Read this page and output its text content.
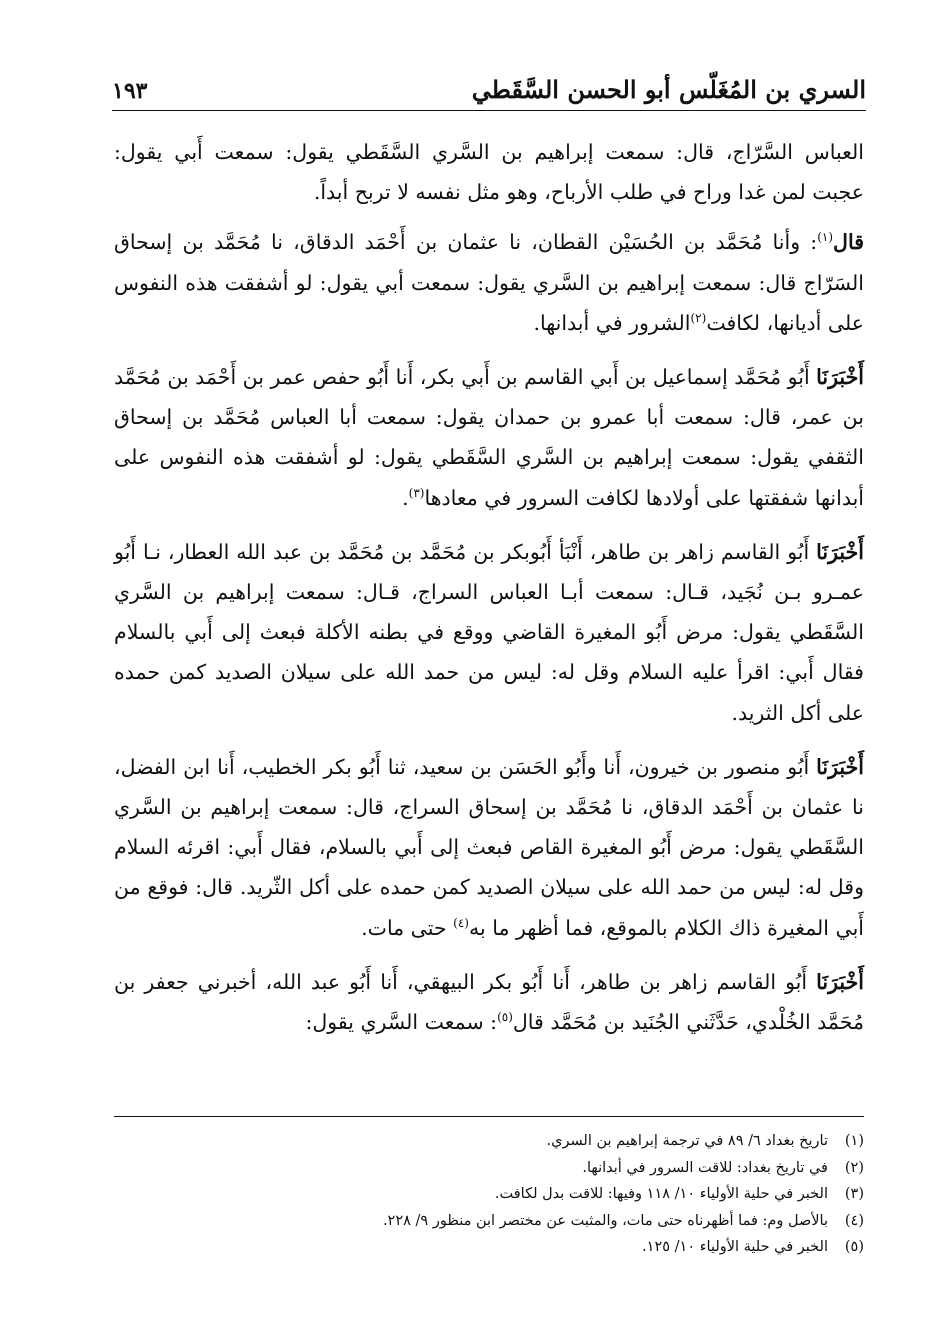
السري بن المُغَلّس أبو الحسن السَّقَطي
١٩٣

العباس السَّرّاج، قال: سمعت إبراهيم بن السَّري السَّقَطي يقول: سمعت أَبي يقول: عجبت لمن غدا وراح في طلب الأرباح، وهو مثل نفسه لا تربح أبداً.

قال$^{(١)}$: وأنا مُحَمَّد بن الحُسَيْن القطان، نا عثمان بن أَحْمَد الدقاق، نا مُحَمَّد بن إسحاق السَرّاج قال: سمعت إبراهيم بن السَّري يقول: سمعت أبي يقول: لو أشفقت هذه النفوس على أديانها، لكافت$^{(٢)}$الشرور في أبدانها.

أَخْبَرَنَا أَبُو مُحَمَّد إسماعيل بن أَبي القاسم بن أَبي بكر، أَنا أَبُو حفص عمر بن أَحْمَد بن مُحَمَّد بن عمر، قال: سمعت أبا عمرو بن حمدان يقول: سمعت أبا العباس مُحَمَّد بن إسحاق الثقفي يقول: سمعت إبراهيم بن السَّري السَّقَطي يقول: لو أشفقت هذه النفوس على أبدانها شفقتها على أولادها لكافت السرور في معادها$^{(٣)}$.

أَخْبَرَنَا أَبُو القاسم زاهر بن طاهر، أَنْبَأ أَبُوبكر بن مُحَمَّد بن مُحَمَّد بن عبد الله العطار، نـا أَبُو عمـرو بـن نُجَيد، قـال: سمعت أبـا العباس السراج، قـال: سمعت إبراهيم بن السَّري السَّقَطي يقول: مرض أَبُو المغيرة القاضي ووقع في بطنه الأكلة فبعث إلى أَبي بالسلام فقال أَبي: اقرأ عليه السلام وقل له: ليس من حمد الله على سيلان الصديد كمن حمده على أكل الثريد.

أَخْبَرَنَا أَبُو منصور بن خيرون، أَنا وأَبُو الحَسَن بن سعيد، ثنا أَبُو بكر الخطيب، أَنا ابن الفضل، نا عثمان بن أَحْمَد الدقاق، نا مُحَمَّد بن إسحاق السراج، قال: سمعت إبراهيم بن السَّري السَّقَطي يقول: مرض أَبُو المغيرة القاص فبعث إلى أَبي بالسلام، فقال أَبي: اقرئه السلام وقل له: ليس من حمد الله على سيلان الصديد كمن حمده على أكل الثّريد. قال: فوقع من أَبي المغيرة ذاك الكلام بالموقع، فما أظهر ما به$^{(٤)}$ حتى مات.

أَخْبَرَنَا أَبُو القاسم زاهر بن طاهر، أَنا أَبُو بكر البيهقي، أَنا أَبُو عبد الله، أخبرني جعفر بن مُحَمَّد الخُلْدي، حَدَّثَني الجُنَيد بن مُحَمَّد قال$^{(٥)}$: سمعت السَّري يقول:

(١)
تاريخ بغداد ٦/ ٨٩ في ترجمة إبراهيم بن السري.
(٢)
في تاريخ بغداد: للاقت السرور في أبدانها.
(٣)
الخبر في حلية الأولياء ١٠/ ١١٨ وفيها: للاقت بدل لكافت.
(٤)
بالأصل وم: فما أظهرناه حتى مات، والمثبت عن مختصر ابن منظور ٩/ ٢٢٨.
(٥)
الخبر في حلية الأولياء ١٠/ ١٢٥.
